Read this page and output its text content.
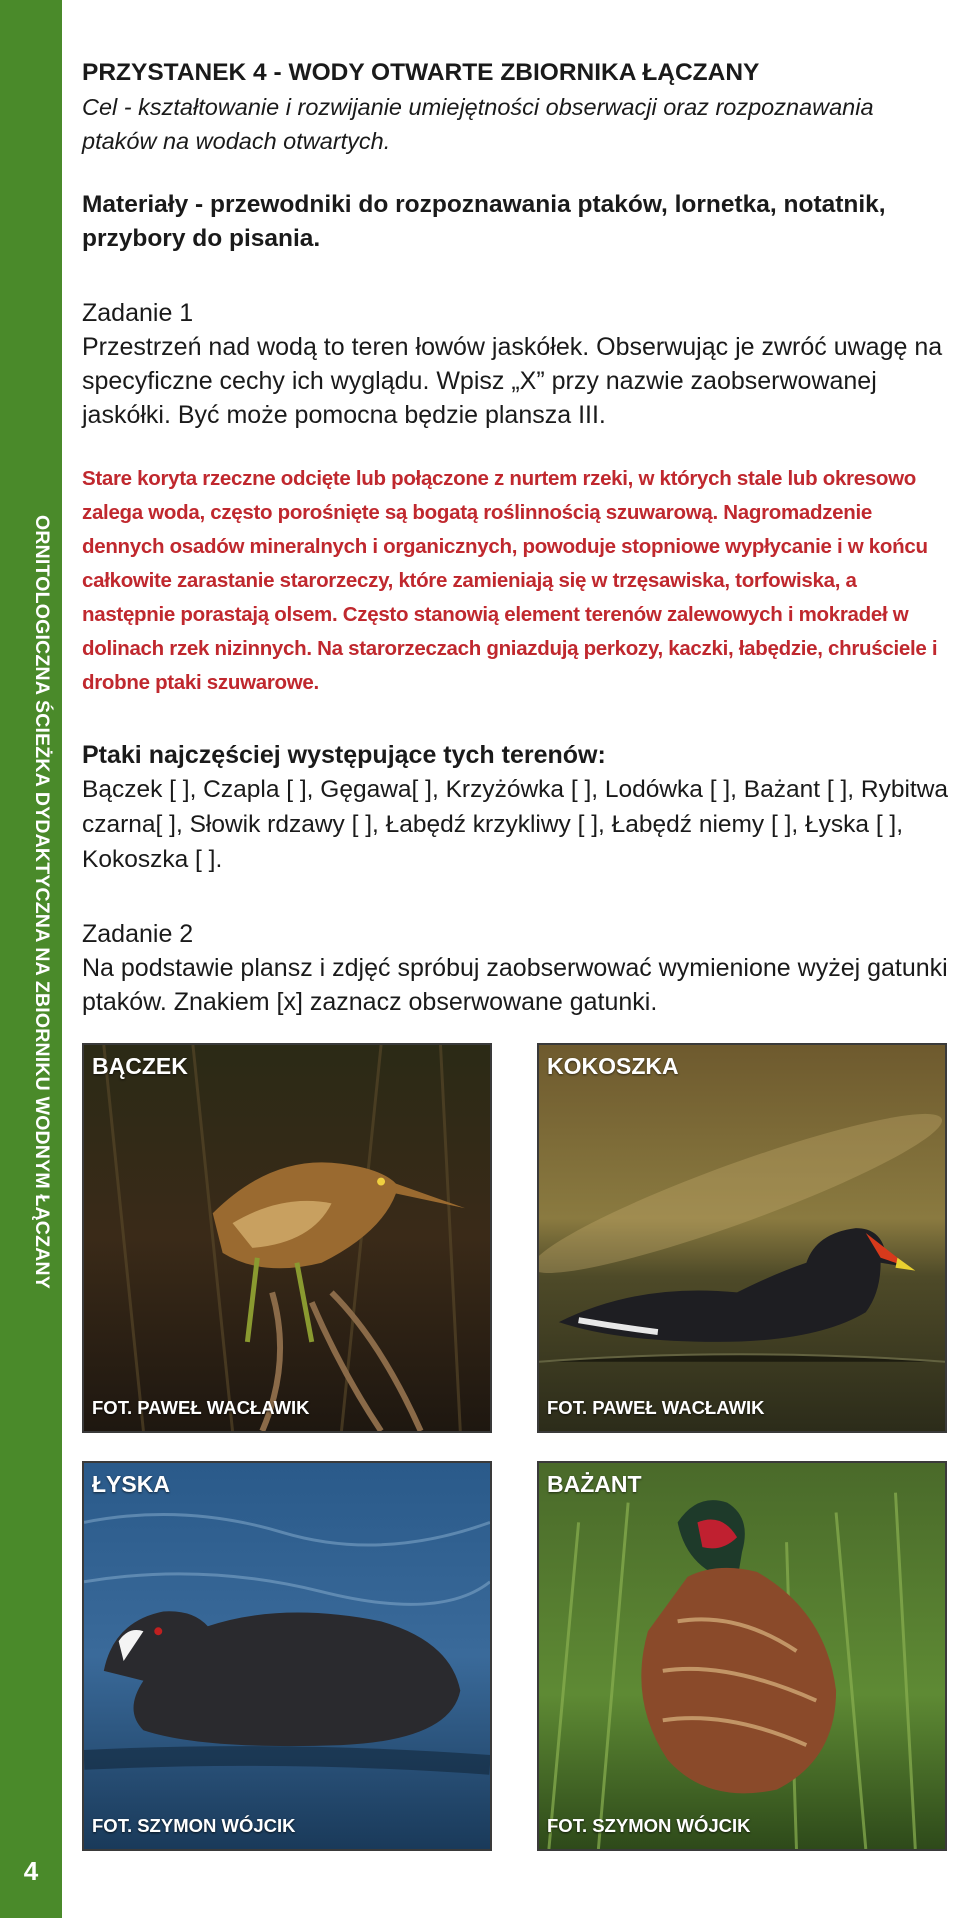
ORNITOLOGICZNA ŚCIEŻKA DYDAKTYCZNA NA ZBIORNIKU WODNYM ŁĄCZANY
4

PRZYSTANEK 4 - WODY OTWARTE ZBIORNIKA ŁĄCZANY

Cel - kształtowanie i rozwijanie umiejętności obserwacji oraz rozpoznawania ptaków na wodach otwartych.

Materiały - przewodniki do rozpoznawania ptaków, lornetka, notatnik, przybory do pisania.

Zadanie 1

Przestrzeń nad wodą to teren łowów jaskółek. Obserwując je zwróć uwagę na specyficzne cechy ich wyglądu. Wpisz „X” przy nazwie zaobserwowanej jaskółki. Być może pomocna będzie plansza III.

Stare koryta rzeczne odcięte lub połączone z nurtem rzeki, w których stale lub okresowo zalega woda, często porośnięte są bogatą roślinnością szuwarową. Nagromadzenie dennych osadów mineralnych i organicznych, powoduje stopniowe wypłycanie i w końcu całkowite zarastanie starorzeczy, które zamieniają się w trzęsawiska, torfowiska, a następnie porastają olsem. Często stanowią element terenów zalewowych i mokradeł w dolinach rzek nizinnych. Na starorzeczach gniazdują perkozy, kaczki, łabędzie, chruściele i drobne ptaki szuwarowe.

Ptaki najczęściej występujące tych terenów:

Bączek [ ], Czapla [ ], Gęgawa[ ], Krzyżówka [ ], Lodówka [ ], Bażant [ ], Rybitwa czarna[ ], Słowik rdzawy [ ], Łabędź krzykliwy [ ], Łabędź niemy [ ], Łyska [ ], Kokoszka [ ].

Zadanie 2

Na podstawie plansz i zdjęć spróbuj zaobserwować wymienione wyżej gatunki ptaków. Znakiem [x] zaznacz obserwowane gatunki.

BĄCZEK
FOT. PAWEŁ WACŁAWIK
KOKOSZKA
FOT. PAWEŁ WACŁAWIK
ŁYSKA
FOT. SZYMON WÓJCIK
BAŻANT
FOT. SZYMON WÓJCIK
